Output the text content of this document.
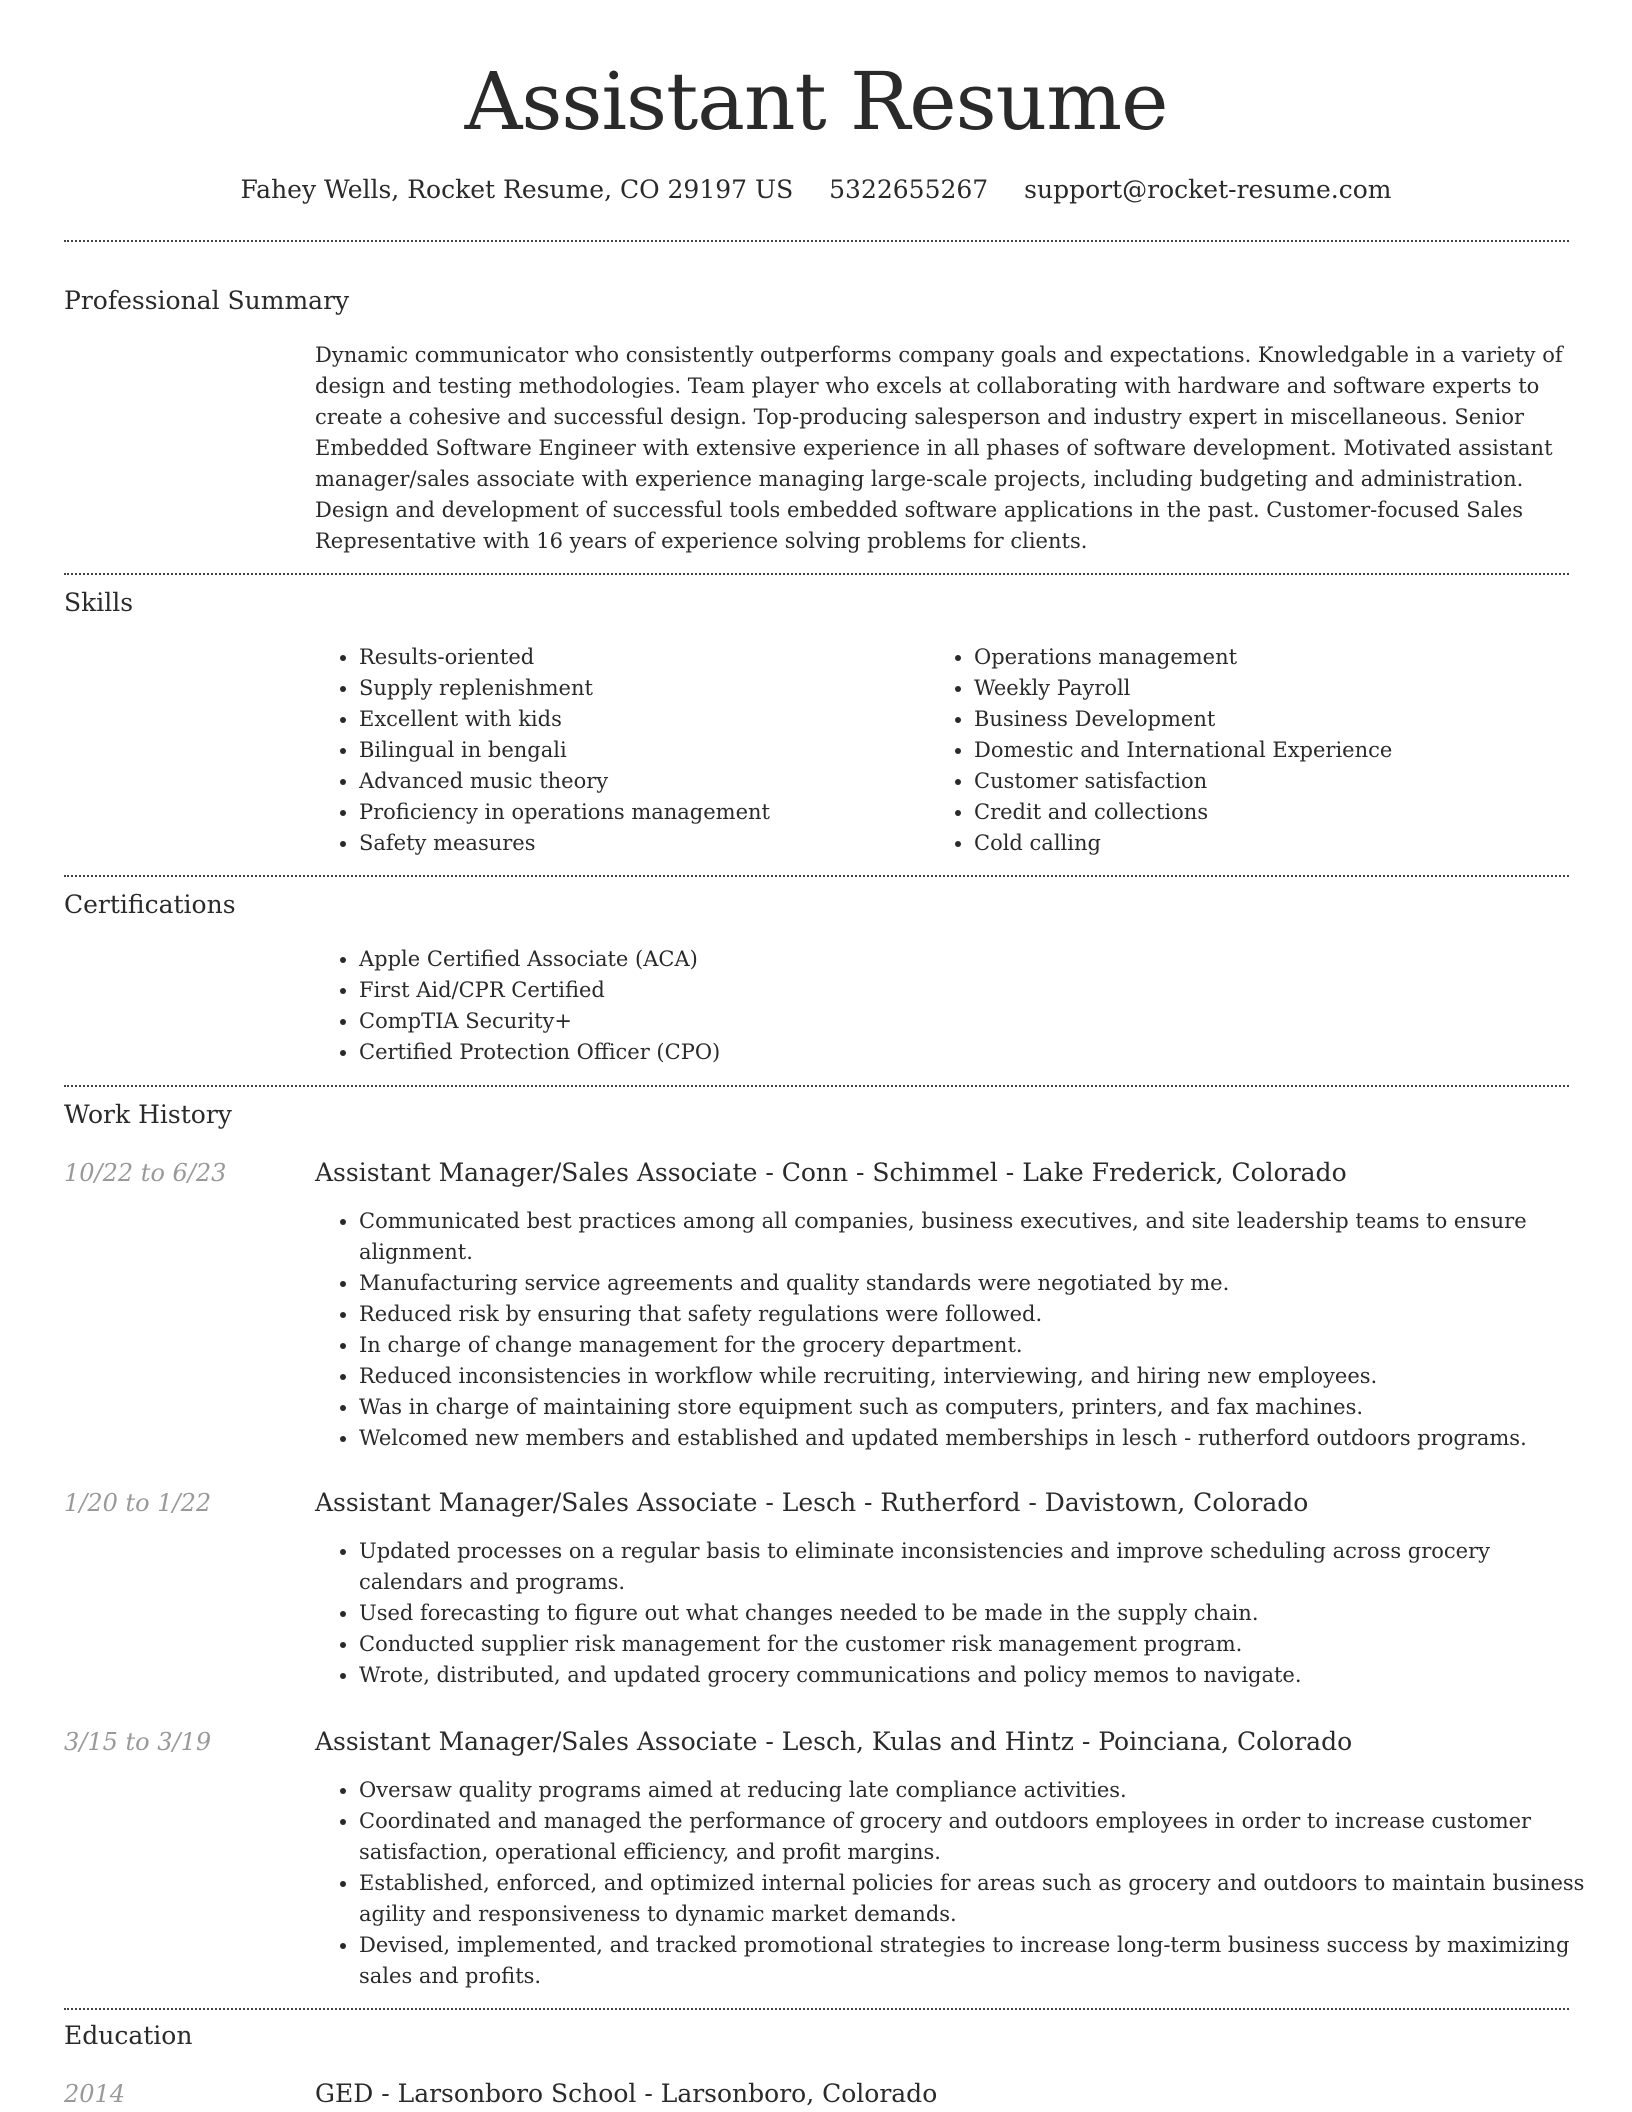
Assistant Resume
Fahey Wells, Rocket Resume, CO 29197 US 5322655267 support@rocket-resume.com
Professional Summary
Dynamic communicator who consistently outperforms company goals and expectations. Knowledgable in a variety of design and testing methodologies. Team player who excels at collaborating with hardware and software experts to create a cohesive and successful design. Top-producing salesperson and industry expert in miscellaneous. Senior Embedded Software Engineer with extensive experience in all phases of software development. Motivated assistant manager/sales associate with experience managing large-scale projects, including budgeting and administration. Design and development of successful tools embedded software applications in the past. Customer-focused Sales Representative with 16 years of experience solving problems for clients.
Skills
• Results-oriented
• Supply replenishment
• Excellent with kids
• Bilingual in bengali
• Advanced music theory
• Proficiency in operations management
• Safety measures
• Operations management
• Weekly Payroll
• Business Development
• Domestic and International Experience
• Customer satisfaction
• Credit and collections
• Cold calling
Certifications
• Apple Certified Associate (ACA)
• First Aid/CPR Certified
• CompTIA Security+
• Certified Protection Officer (CPO)
Work History
10/22 to 6/23	Assistant Manager/Sales Associate - Conn - Schimmel - Lake Frederick, Colorado
• Communicated best practices among all companies, business executives, and site leadership teams to ensure alignment.
• Manufacturing service agreements and quality standards were negotiated by me.
• Reduced risk by ensuring that safety regulations were followed.
• In charge of change management for the grocery department.
• Reduced inconsistencies in workflow while recruiting, interviewing, and hiring new employees.
• Was in charge of maintaining store equipment such as computers, printers, and fax machines.
• Welcomed new members and established and updated memberships in lesch - rutherford outdoors programs.
1/20 to 1/22	Assistant Manager/Sales Associate - Lesch - Rutherford - Davistown, Colorado
• Updated processes on a regular basis to eliminate inconsistencies and improve scheduling across grocery calendars and programs.
• Used forecasting to figure out what changes needed to be made in the supply chain.
• Conducted supplier risk management for the customer risk management program.
• Wrote, distributed, and updated grocery communications and policy memos to navigate.
3/15 to 3/19	Assistant Manager/Sales Associate - Lesch, Kulas and Hintz - Poinciana, Colorado
• Oversaw quality programs aimed at reducing late compliance activities.
• Coordinated and managed the performance of grocery and outdoors employees in order to increase customer satisfaction, operational efficiency, and profit margins.
• Established, enforced, and optimized internal policies for areas such as grocery and outdoors to maintain business agility and responsiveness to dynamic market demands.
• Devised, implemented, and tracked promotional strategies to increase long-term business success by maximizing sales and profits.
Education
2014	GED - Larsonboro School - Larsonboro, Colorado
